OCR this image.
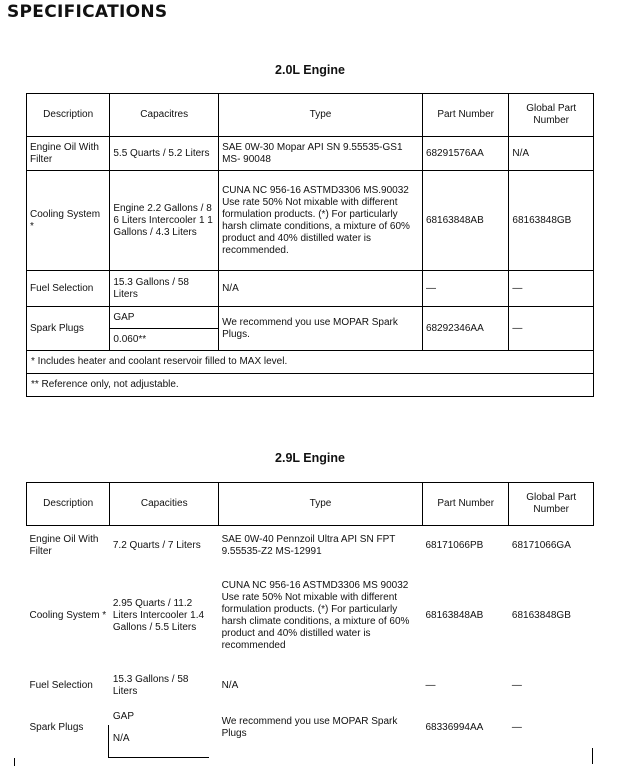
SPECIFICATIONS
2.0L Engine
Description	Capacitres	Type	Part Number	Global Part Number
Engine Oil With Filter	5.5 Quarts / 5.2 Liters	SAE 0W-30 Mopar API SN 9.55535-GS1 MS- 90048	68291576AA	N/A
Cooling System *	Engine 2.2 Gallons / 8 6 Liters Intercooler 1 1 Gallons / 4.3 Liters	CUNA NC 956-16 ASTMD3306 MS.90032 Use rate 50% Not mixable with different formulation products. (*) For particularly harsh climate conditions, a mixture of 60% product and 40% distilled water is recommended.	68163848AB	68163848GB
Fuel Selection	15.3 Gallons / 58 Liters	N/A	—	—
Spark Plugs	GAP	We recommend you use MOPAR Spark Plugs.	68292346AA	—
	0.060**			
* Includes heater and coolant reservoir filled to MAX level.				
** Reference only, not adjustable.				
2.9L Engine
Description	Capacities	Type	Part Number	Global Part Number
Engine Oil With Filter	7.2 Quarts / 7 Liters	SAE 0W-40 Pennzoil Ultra API SN FPT 9.55535-Z2 MS-12991	68171066PB	68171066GA
Cooling System *	2.95 Quarts / 11.2 Liters Intercooler 1.4 Gallons / 5.5 Liters	CUNA NC 956-16 ASTMD3306 MS 90032 Use rate 50% Not mixable with different formulation products. (*) For particularly harsh climate conditions, a mixture of 60% product and 40% distilled water is recommended	68163848AB	68163848GB
Fuel Selection	15.3 Gallons / 58 Liters	N/A	—	—
Spark Plugs	GAP	We recommend you use MOPAR Spark Plugs	68336994AA	—
	N/A			
